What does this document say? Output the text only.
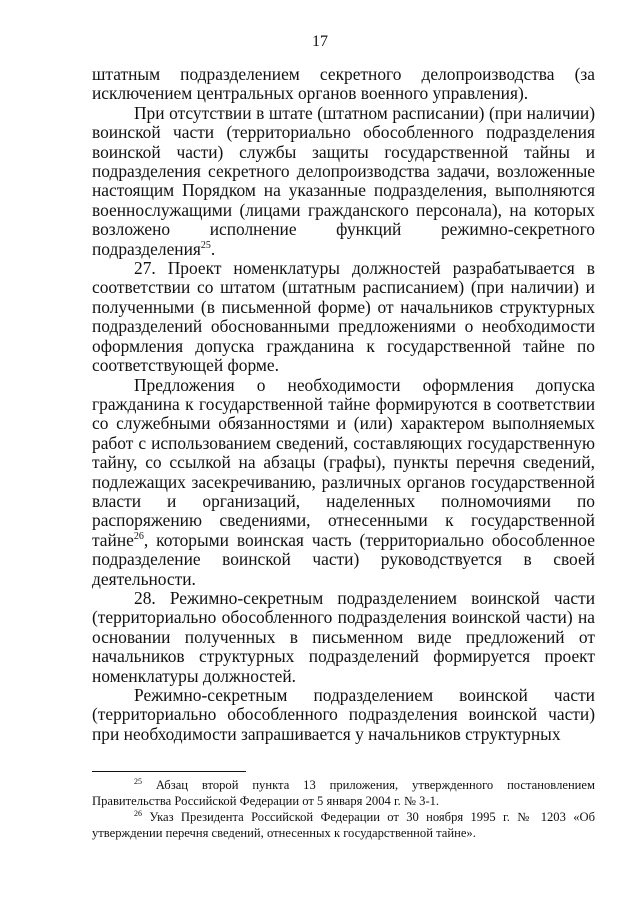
17

штатным подразделением секретного делопроизводства (за исключением центральных органов военного управления).

При отсутствии в штате (штатном расписании) (при наличии) воинской части (территориально обособленного подразделения воинской части) службы защиты государственной тайны и подразделения секретного делопроизводства задачи, возложенные настоящим Порядком на указанные подразделения, выполняются военнослужащими (лицами гражданского персонала), на которых возложено исполнение функций режимно-секретного подразделения$^{25}$.

27. Проект номенклатуры должностей разрабатывается в соответствии со штатом (штатным расписанием) (при наличии) и полученными (в письменной форме) от начальников структурных подразделений обоснованными предложениями о необходимости оформления допуска гражданина к государственной тайне по соответствующей форме.

Предложения о необходимости оформления допуска гражданина к государственной тайне формируются в соответствии со служебными обязанностями и (или) характером выполняемых работ с использованием сведений, составляющих государственную тайну, со ссылкой на абзацы (графы), пункты перечня сведений, подлежащих засекречиванию, различных органов государственной власти и организаций, наделенных полномочиями по распоряжению сведениями, отнесенными к государственной тайне$^{26}$, которыми воинская часть (территориально обособленное подразделение воинской части) руководствуется в своей деятельности.

28. Режимно-секретным подразделением воинской части (территориально обособленного подразделения воинской части) на основании полученных в письменном виде предложений от начальников структурных подразделений формируется проект номенклатуры должностей.

Режимно-секретным подразделением воинской части (территориально обособленного подразделения воинской части) при необходимости запрашивается у начальников структурных

$^{25}$ Абзац второй пункта 13 приложения, утвержденного постановлением Правительства Российской Федерации от 5 января 2004 г. № 3-1.

$^{26}$ Указ Президента Российской Федерации от 30 ноября 1995 г. № 1203 «Об утверждении перечня сведений, отнесенных к государственной тайне».
